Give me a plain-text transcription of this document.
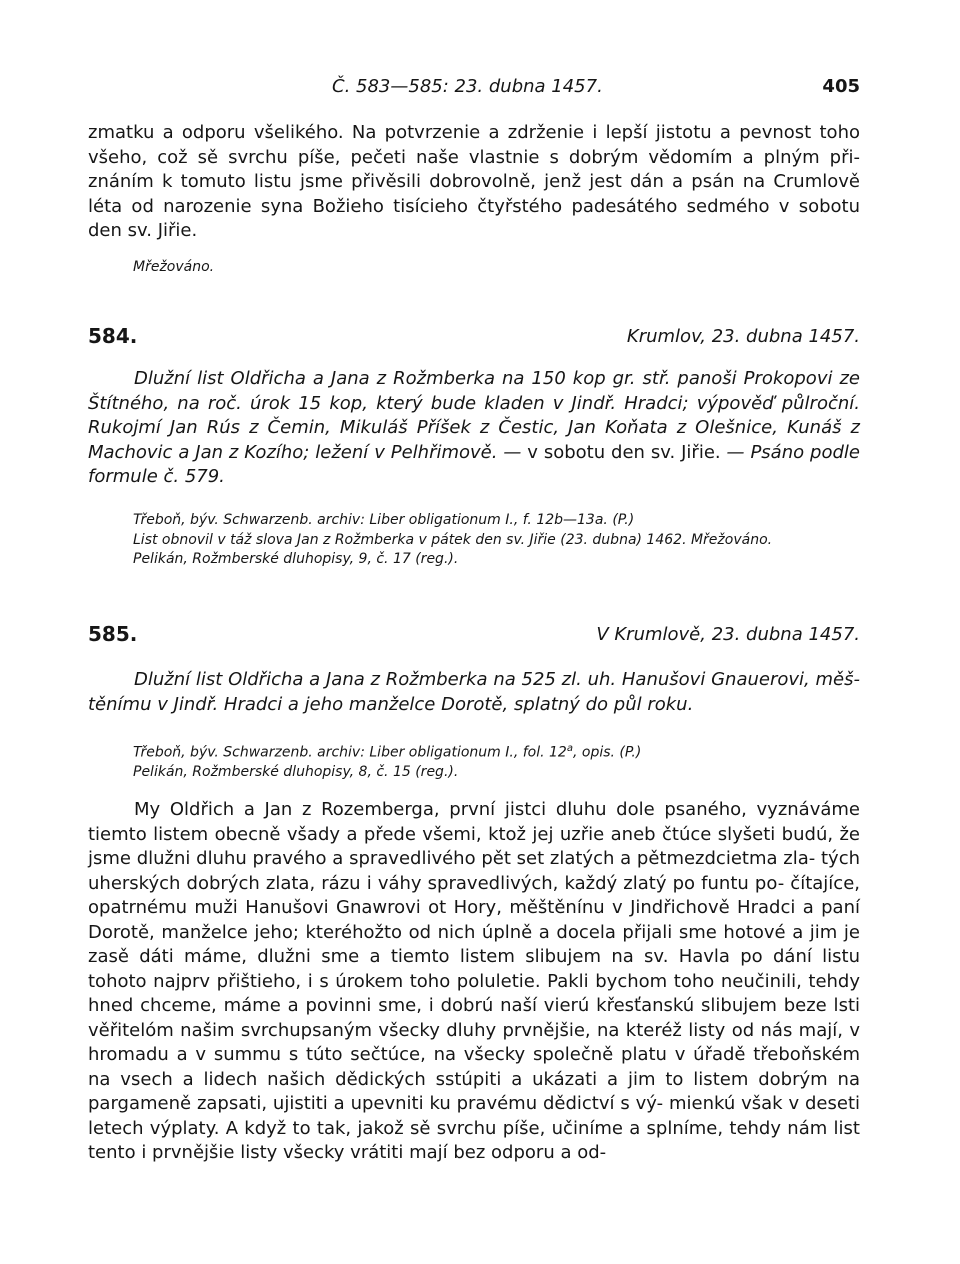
Č. 583—585: 23. dubna 1457.	405

zmatku a odporu všelikého. Na potvrzenie a zdrženie i lepší jistotu a pevnost toho všeho, což sě svrchu píše, pečeti naše vlastnie s dobrým vědomím a plným při- znáním k tomuto listu jsme přivěsili dobrovolně, jenž jest dán a psán na Crumlově léta od narozenie syna Božieho tisícieho čtyřstého padesátého sedmého v sobotu den sv. Jiřie.

Mřežováno.
584.	Krumlov, 23. dubna 1457.

Dlužní list Oldřicha a Jana z Rožmberka na 150 kop gr. stř. panoši Prokopovi ze Štítného, na roč. úrok 15 kop, který bude kladen v Jindř. Hradci; výpověď půlroční. Rukojmí Jan Rús z Čemin, Mikuláš Příšek z Čestic, Jan Koňata z Olešnice, Kunáš z Machovic a Jan z Kozího; ležení v Pelhřimově. — v sobotu den sv. Jiřie. — Psáno podle formule č. 579.

Třeboň, býv. Schwarzenb. archiv: Liber obligationum I., f. 12b—13a. (P.)
List obnovil v táž slova Jan z Rožmberka v pátek den sv. Jiřie (23. dubna) 1462. Mřežováno.
Pelikán, Rožmberské dluhopisy, 9, č. 17 (reg.).
585.	V Krumlově, 23. dubna 1457.

Dlužní list Oldřicha a Jana z Rožmberka na 525 zl. uh. Hanušovi Gnauerovi, měš- těnímu v Jindř. Hradci a jeho manželce Dorotě, splatný do půl roku.

Třeboň, býv. Schwarzenb. archiv: Liber obligationum I., fol. 12$^a$, opis. (P.)
Pelikán, Rožmberské dluhopisy, 8, č. 15 (reg.).

My Oldřich a Jan z Rozemberga, první jistci dluhu dole psaného, vyznáváme tiemto listem obecně všady a přede všemi, ktož jej uzřie aneb čtúce slyšeti budú, že jsme dlužni dluhu pravého a spravedlivého pět set zlatých a pětmezdcietma zla- tých uherských dobrých zlata, rázu i váhy spravedlivých, každý zlatý po funtu po- čítajíce, opatrnému muži Hanušovi Gnawrovi ot Hory, měštěnínu v Jindřichově Hradci a paní Dorotě, manželce jeho; kteréhožto od nich úplně a docela přijali sme hotové a jim je zasě dáti máme, dlužni sme a tiemto listem slibujem na sv. Havla po dání listu tohoto najprv přištieho, i s úrokem toho poluletie. Pakli bychom toho neučinili, tehdy hned chceme, máme a povinni sme, i dobrú naší vierú křesťanskú slibujem beze lsti věřitelóm našim svrchupsaným všecky dluhy prvnějšie, na kteréž listy od nás mají, v hromadu a v summu s túto sečtúce, na všecky společně platu v úřadě třeboňském na vsech a lidech našich dědických sstúpiti a ukázati a jim to listem dobrým na pargameně zapsati, ujistiti a upevniti ku pravému dědictví s vý- mienkú však v deseti letech výplaty. A když to tak, jakož sě svrchu píše, učiníme a splníme, tehdy nám list tento i prvnějšie listy všecky vrátiti mají bez odporu a od-
